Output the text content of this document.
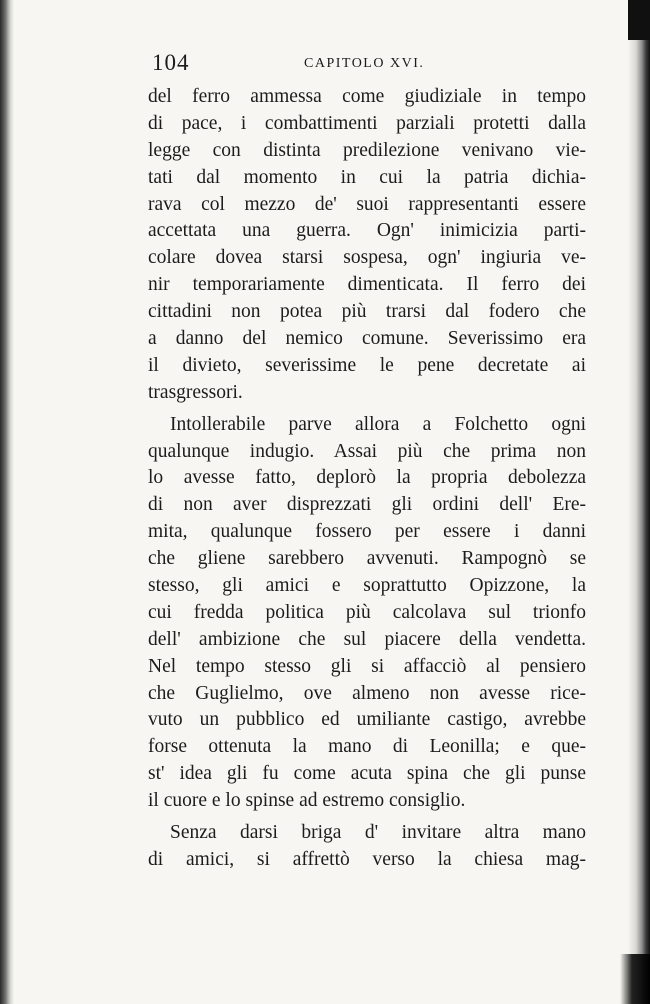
104	CAPITOLO XVI.
del ferro ammessa come giudiziale in tempo
di pace, i combattimenti parziali protetti dalla
legge con distinta predilezione venivano vie-
tati dal momento in cui la patria dichia-
rava col mezzo de' suoi rappresentanti essere
accettata una guerra. Ogn' inimicizia parti-
colare dovea starsi sospesa, ogn' ingiuria ve-
nir temporariamente dimenticata. Il ferro dei
cittadini non potea più trarsi dal fodero che
a danno del nemico comune. Severissimo era
il divieto, severissime le pene decretate ai
trasgressori.
Intollerabile parve allora a Folchetto ogni
qualunque indugio. Assai più che prima non
lo avesse fatto, deplorò la propria debolezza
di non aver disprezzati gli ordini dell' Ere-
mita, qualunque fossero per essere i danni
che gliene sarebbero avvenuti. Rampognò se
stesso, gli amici e soprattutto Opizzone, la
cui fredda politica più calcolava sul trionfo
dell' ambizione che sul piacere della vendetta.
Nel tempo stesso gli si affacciò al pensiero
che Guglielmo, ove almeno non avesse rice-
vuto un pubblico ed umiliante castigo, avrebbe
forse ottenuta la mano di Leonilla; e que-
st' idea gli fu come acuta spina che gli punse
il cuore e lo spinse ad estremo consiglio.
Senza darsi briga d' invitare altra mano
di amici, si affrettò verso la chiesa mag-
